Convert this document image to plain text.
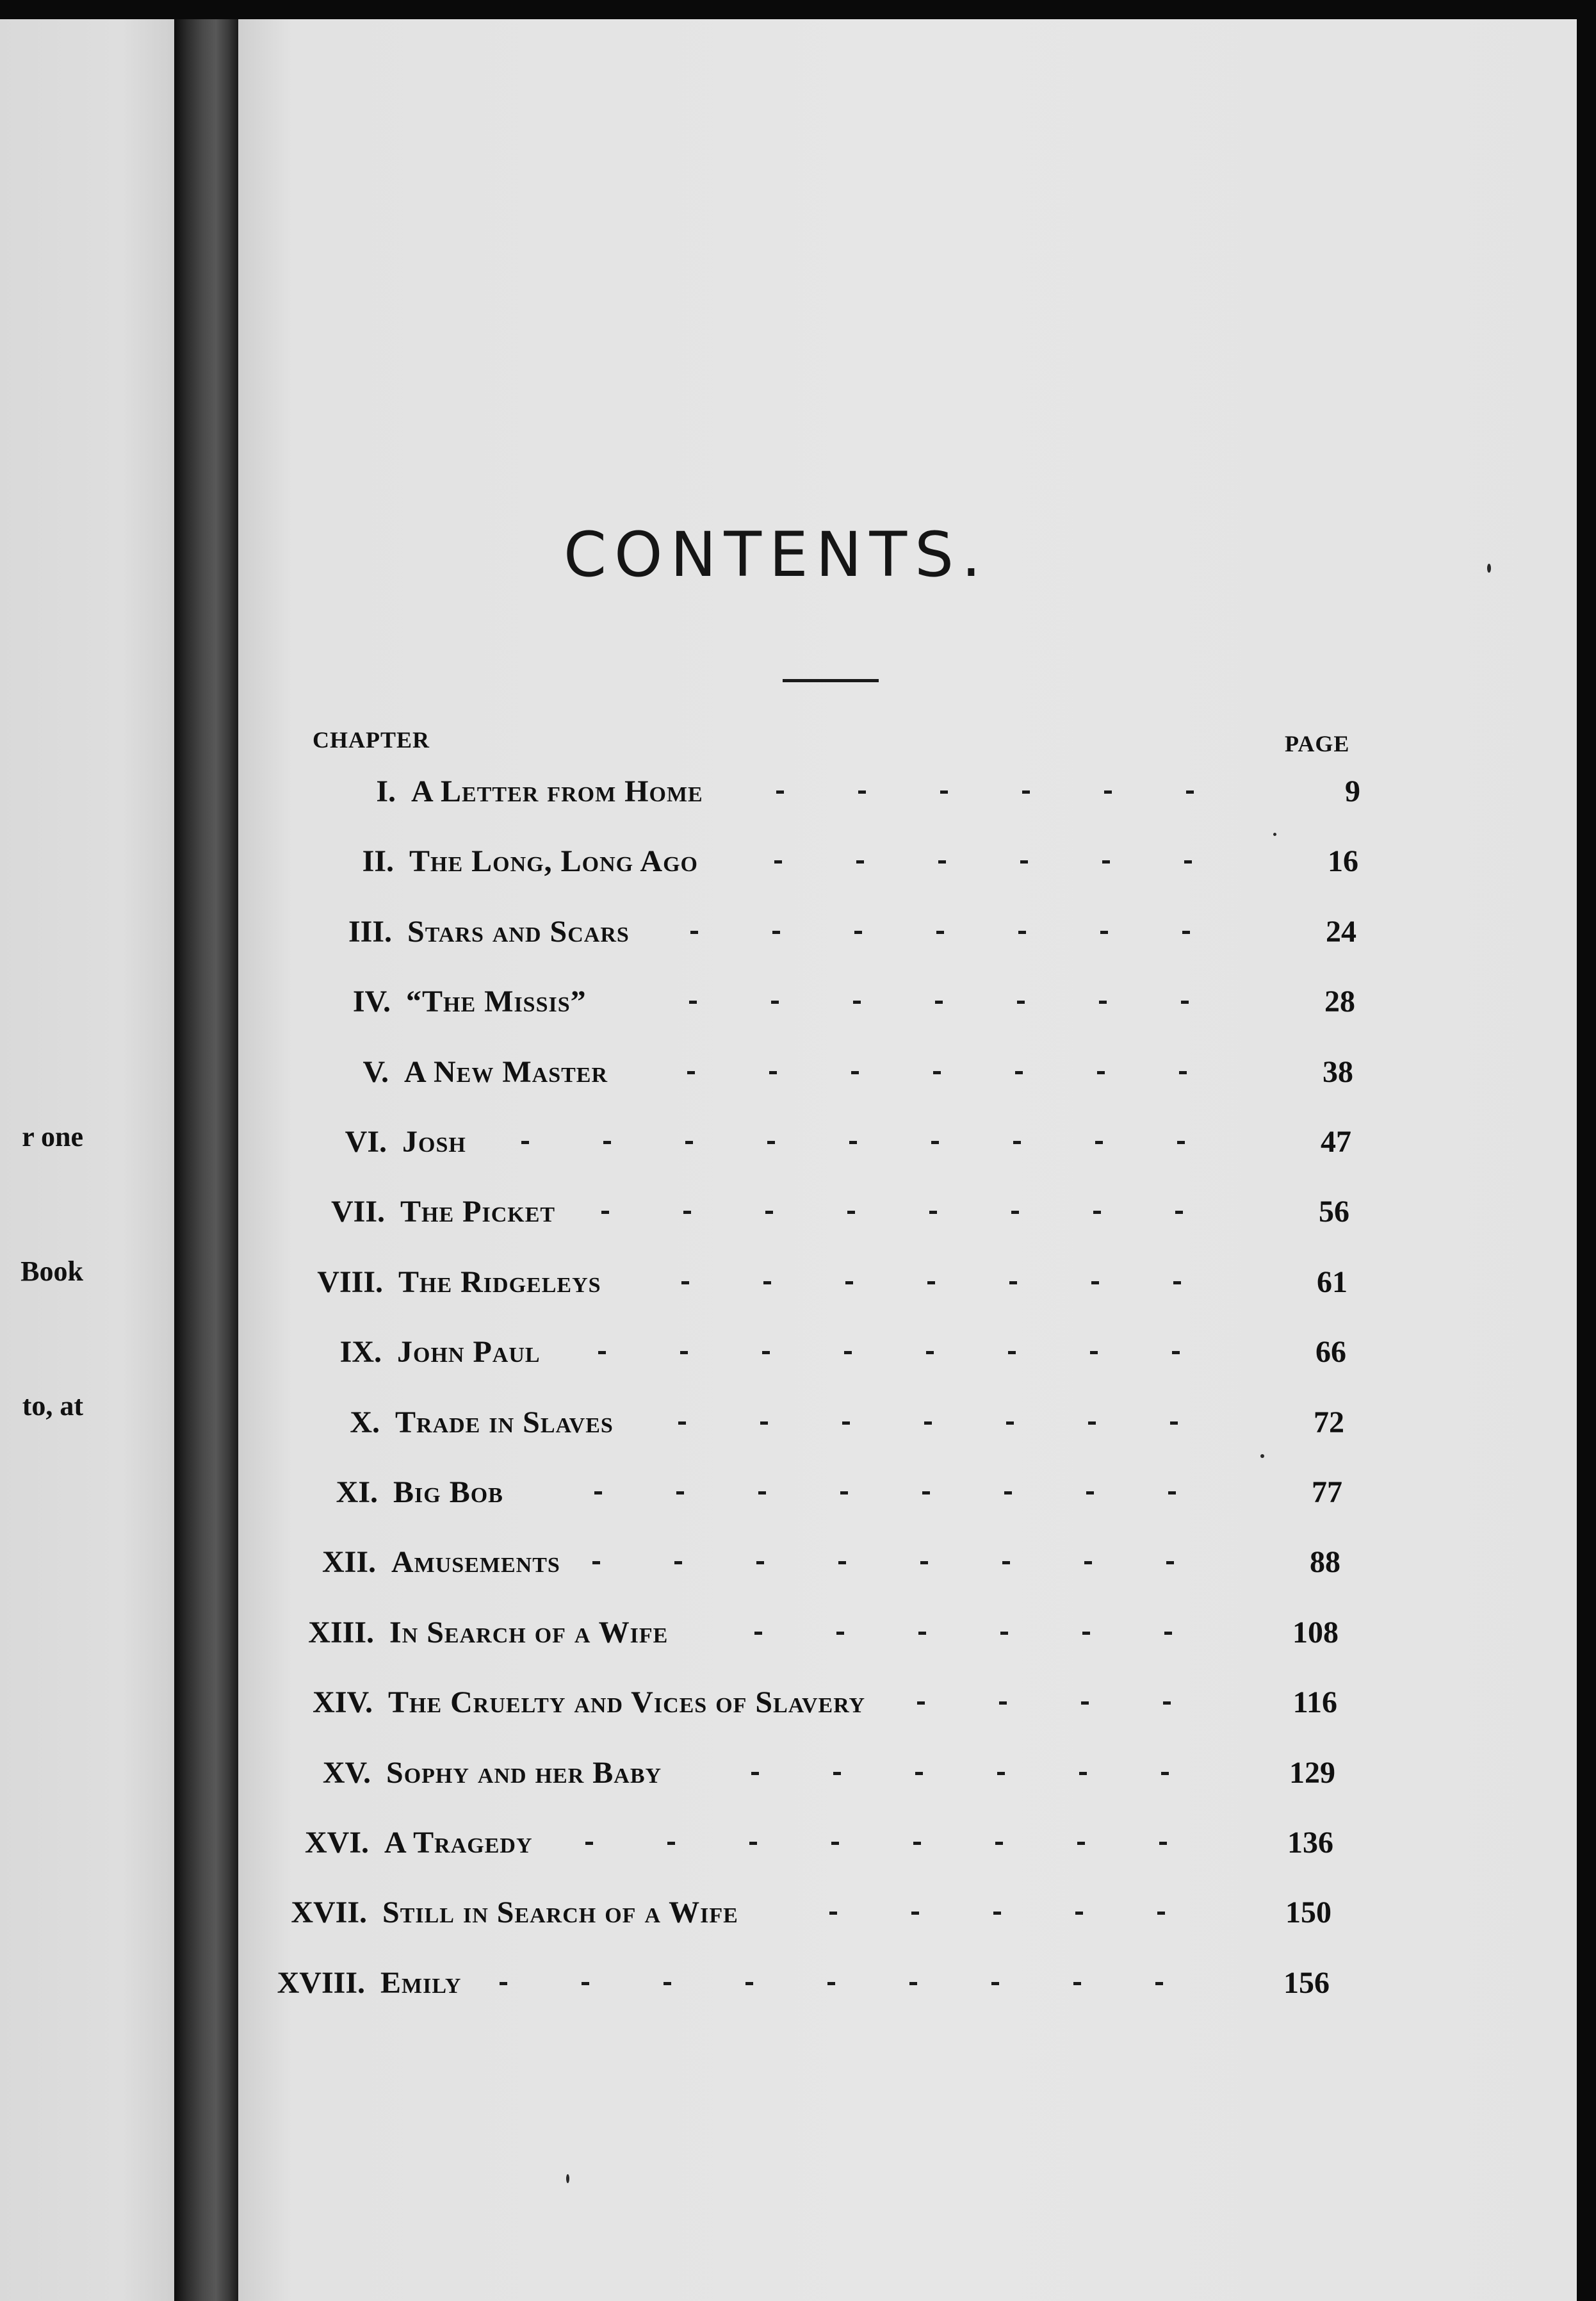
r one

Book

to, at

CONTENTS.
CHAPTER	PAGE
I. A Letter from Home	9
II. The Long, Long Ago	16
III. Stars and Scars	24
IV. “The Missis”	28
V. A New Master	38
VI. Josh	47
VII. The Picket	56
VIII. The Ridgeleys	61
IX. John Paul	66
X. Trade in Slaves	72
XI. Big Bob	77
XII. Amusements	88
XIII. In Search of a Wife	108
XIV. The Cruelty and Vices of Slavery	116
XV. Sophy and her Baby	129
XVI. A Tragedy	136
XVII. Still in Search of a Wife	150
XVIII. Emily	156
